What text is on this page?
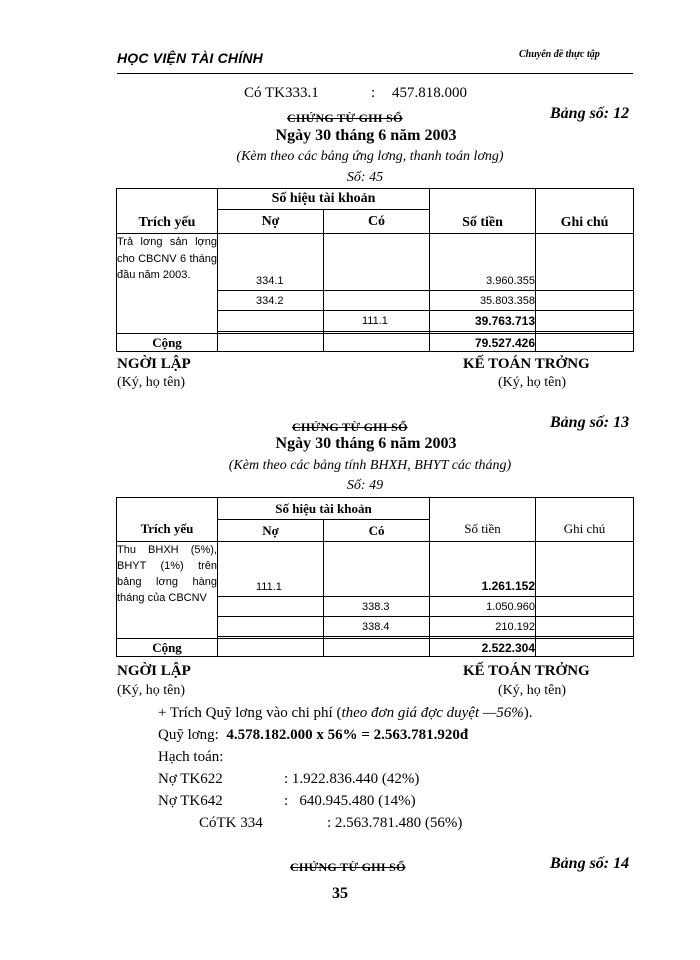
HỌC VIỆN TÀI CHÍNH	Chuyên đề thực tập
Có TK333.1	: 457.818.000
CHỨNG TỪ GHI SỔ	Bảng số: 12
Ngày 30 tháng 6 năm 2003
(Kèm theo các bảng ứng lơng, thanh toán lơng)
Số: 45
Trích yếu	Số hiệu tài khoản		Số tiền	Ghi chú
	Nợ	Có		
Trả lơng sản lợng cho CBCNV 6 tháng đầu năm 2003.	334.1		3.960.355	
	334.2		35.803.358	
		111.1	39.763.713	

Cộng			79.527.426	
NGỜI LẬP
(Ký, họ tên)
KẾ TOÁN TRỞNG
(Ký, họ tên)
CHỨNG TỪ GHI SỔ	Bảng số: 13
Ngày 30 tháng 6 năm 2003
(Kèm theo các bảng tính BHXH, BHYT các tháng)
Số: 49
Trích yếu	Số hiệu tài khoản		Số tiền	Ghi chú
	Nợ	Có		
Thu BHXH (5%), BHYT (1%) trên bảng lơng hàng tháng của CBCNV	111.1		1.261.152	
		338.3	1.050.960	
		338.4	210.192	

Cộng			2.522.304	
NGỜI LẬP
(Ký, họ tên)
KẾ TOÁN TRỞNG
(Ký, họ tên)
+ Trích Quỹ lơng vào chi phí (theo đơn giá đợc duyệt —56%).
Quỹ lơng: 4.578.182.000 x 56% = 2.563.781.920đ
Hạch toán:
Nợ TK622	: 1.922.836.440 (42%)
Nợ TK642	:   640.945.480 (14%)
CóTK 334	: 2.563.781.480 (56%)
CHỨNG TỪ GHI SỔ	Bảng số: 14
35
